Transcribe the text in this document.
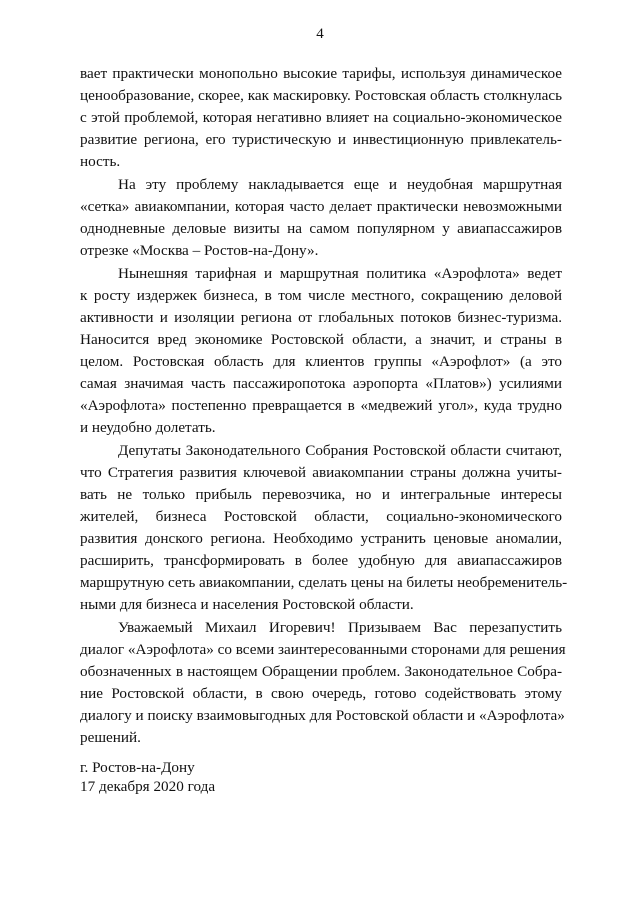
4
вает практически монопольно высокие тарифы, используя динамическое
ценообразование, скорее, как маскировку. Ростовская область столкнулась
с этой проблемой, которая негативно влияет на социально-экономическое
развитие региона, его туристическую и инвестиционную привлекатель-
ность.
На эту проблему накладывается еще и неудобная маршрутная
«сетка» авиакомпании, которая часто делает практически невозможными
однодневные деловые визиты на самом популярном у авиапассажиров
отрезке «Москва – Ростов-на-Дону».
Нынешняя тарифная и маршрутная политика «Аэрофлота» ведет
к росту издержек бизнеса, в том числе местного, сокращению деловой
активности и изоляции региона от глобальных потоков бизнес-туризма.
Наносится вред экономике Ростовской области, а значит, и страны в
целом. Ростовская область для клиентов группы «Аэрофлот» (а это
самая значимая часть пассажиропотока аэропорта «Платов») усилиями
«Аэрофлота» постепенно превращается в «медвежий угол», куда трудно
и неудобно долетать.
Депутаты Законодательного Собрания Ростовской области считают,
что Стратегия развития ключевой авиакомпании страны должна учиты-
вать не только прибыль перевозчика, но и интегральные интересы
жителей, бизнеса Ростовской области, социально-экономического
развития донского региона. Необходимо устранить ценовые аномалии,
расширить, трансформировать в более удобную для авиапассажиров
маршрутную сеть авиакомпании, сделать цены на билеты необременитель-
ными для бизнеса и населения Ростовской области.
Уважаемый Михаил Игоревич! Призываем Вас перезапустить
диалог «Аэрофлота» со всеми заинтересованными сторонами для решения
обозначенных в настоящем Обращении проблем. Законодательное Собра-
ние Ростовской области, в свою очередь, готово содействовать этому
диалогу и поиску взаимовыгодных для Ростовской области и «Аэрофлота»
решений.
г. Ростов-на-Дону
17 декабря 2020 года
